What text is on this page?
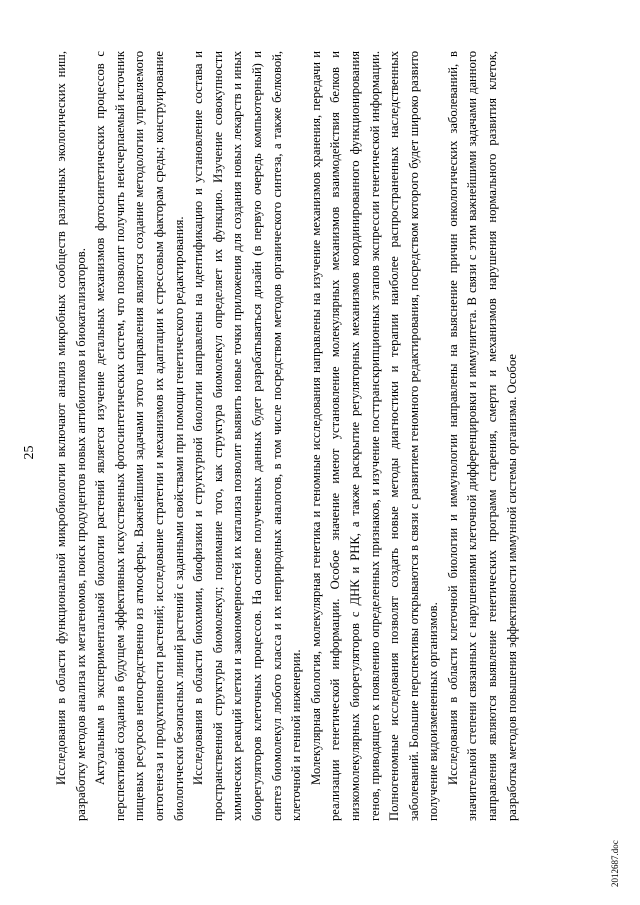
25 Исследования в области функциональной микробиологии включают анализ микробных сообществ различных экологических ниш, разработку методов анализа их метагеномов, поиск продуцентов новых антибиотиков и биокатализаторов. Актуальным в экспериментальной биологии растений является изучение детальных механизмов фотосинтетических процессов с перспективой создания в будущем эффективных искусственных фотосинтетических систем, что позволит получить неисчерпаемый источник пищевых ресурсов непосредственно из атмосферы. Важнейшими задачами этого направления являются создание методологии управляемого онтогенеза и продуктивности растений; исследование стратегии и механизмов их адаптации к стрессовым факторам среды; конструирование биологически безопасных линий растений с заданными свойствами при помощи генетического редактирования. Исследования в области биохимии, биофизики и структурной биологии направлены на идентификацию и установление состава и пространственной структуры биомолекул; понимание того, как структура биомолекул определяет их функцию. Изучение совокупности химических реакций клетки и закономерностей их катализа позволит выявить новые точки приложения для создания новых лекарств и иных биорегуляторов клеточных процессов. На основе полученных данных будет разрабатываться дизайн (в первую очередь компьютерный) и синтез биомолекул любого класса и их неприродных аналогов, в том числе посредством методов органического синтеза, а также белковой, клеточной и генной инженерии. Молекулярная биология, молекулярная генетика и геномные исследования направлены на изучение механизмов хранения, передачи и реализации генетической информации. Особое значение имеют установление молекулярных механизмов взаимодействия белков и низкомолекулярных биорегуляторов с ДНК и РНК, а также раскрытие регуляторных механизмов координированного функционирования генов, приводящего к появлению определенных признаков, и изучение посттранскрипционных этапов экспрессии генетической информации. Полногеномные исследования позволят создать новые методы диагностики и терапии наиболее распространенных наследственных заболеваний. Большие перспективы открываются в связи с развитием геномного редактирования, посредством которого будет широко развито получение видоизмененных организмов. Исследования в области клеточной биологии и иммунологии направлены на выяснение причин онкологических заболеваний, в значительной степени связанных с нарушениями клеточной дифференцировки и иммунитета. В связи с этим важнейшими задачами данного направления являются выявление генетических программ старения, смерти и механизмов нарушения нормального развития клеток, разработка методов повышения эффективности иммунной системы организма. Особое

2012687.doc
